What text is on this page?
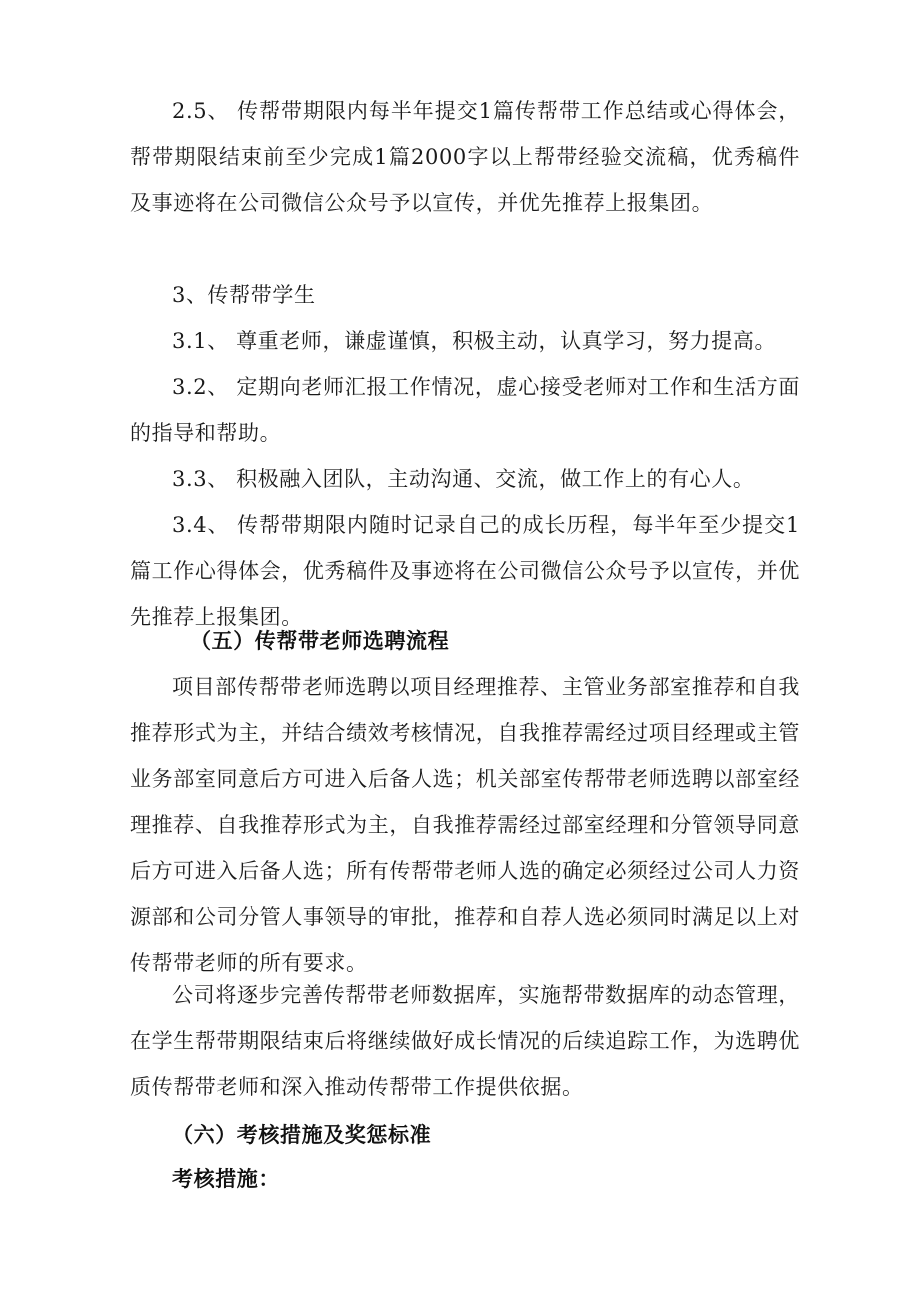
2.5、 传帮带期限内每半年提交1篇传帮带工作总结或心得体会，帮带期限结束前至少完成1篇2000字以上帮带经验交流稿，优秀稿件及事迹将在公司微信公众号予以宣传，并优先推荐上报集团。

3、传帮带学生

3.1、 尊重老师，谦虚谨慎，积极主动，认真学习，努力提高。

3.2、 定期向老师汇报工作情况，虚心接受老师对工作和生活方面的指导和帮助。

3.3、 积极融入团队，主动沟通、交流，做工作上的有心人。

3.4、 传帮带期限内随时记录自己的成长历程，每半年至少提交1篇工作心得体会，优秀稿件及事迹将在公司微信公众号予以宣传，并优先推荐上报集团。

（五）传帮带老师选聘流程

项目部传帮带老师选聘以项目经理推荐、主管业务部室推荐和自我推荐形式为主，并结合绩效考核情况，自我推荐需经过项目经理或主管业务部室同意后方可进入后备人选；机关部室传帮带老师选聘以部室经理推荐、自我推荐形式为主，自我推荐需经过部室经理和分管领导同意后方可进入后备人选；所有传帮带老师人选的确定必须经过公司人力资源部和公司分管人事领导的审批，推荐和自荐人选必须同时满足以上对传帮带老师的所有要求。

公司将逐步完善传帮带老师数据库，实施帮带数据库的动态管理，在学生帮带期限结束后将继续做好成长情况的后续追踪工作，为选聘优质传帮带老师和深入推动传帮带工作提供依据。

（六）考核措施及奖惩标准

考核措施：
